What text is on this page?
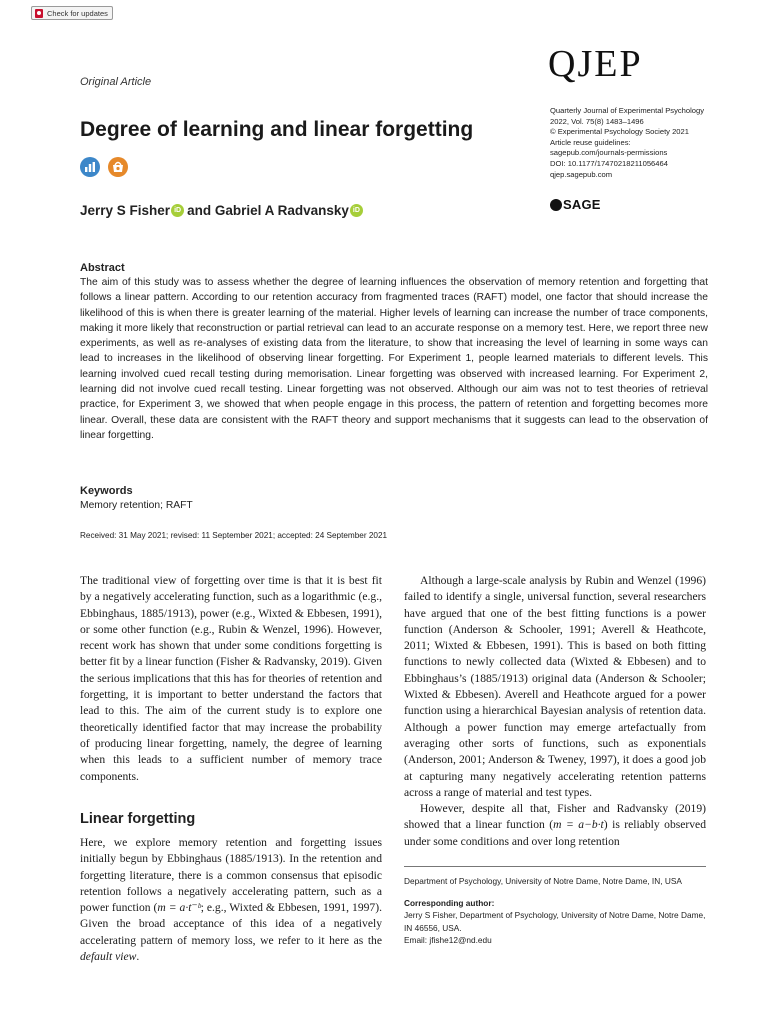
Check for updates
QJEP
Original Article
Degree of learning and linear forgetting
Jerry S Fisher iD and
Gabriel A Radvansky iD
Quarterly Journal of Experimental Psychology
2022, Vol. 75(8) 1483–1496
© Experimental Psychology Society 2021
Article reuse guidelines:
sagepub.com/journals-permissions
DOI: 10.1177/17470218211056464
qjep.sagepub.com
SAGE
Abstract
The aim of this study was to assess whether the degree of learning influences the observation of memory retention and forgetting that follows a linear pattern. According to our retention accuracy from fragmented traces (RAFT) model, one factor that should increase the likelihood of this is when there is greater learning of the material. Higher levels of learning can increase the number of trace components, making it more likely that reconstruction or partial retrieval can lead to an accurate response on a memory test. Here, we report three new experiments, as well as re-analyses of existing data from the literature, to show that increasing the level of learning in some ways can lead to increases in the likelihood of observing linear forgetting. For Experiment 1, people learned materials to different levels. This learning involved cued recall testing during memorisation. Linear forgetting was observed with increased learning. For Experiment 2, learning did not involve cued recall testing. Linear forgetting was not observed. Although our aim was not to test theories of retrieval practice, for Experiment 3, we showed that when people engage in this process, the pattern of retention and forgetting becomes more linear. Overall, these data are consistent with the RAFT theory and support mechanisms that it suggests can lead to the observation of linear forgetting.
Keywords
Memory retention; RAFT
Received: 31 May 2021; revised: 11 September 2021; accepted: 24 September 2021
The traditional view of forgetting over time is that it is best fit by a negatively accelerating function, such as a logarithmic (e.g., Ebbinghaus, 1885/1913), power (e.g., Wixted & Ebbesen, 1991), or some other function (e.g., Rubin & Wenzel, 1996). However, recent work has shown that under some conditions forgetting is better fit by a linear function (Fisher & Radvansky, 2019). Given the serious implications that this has for theories of retention and forgetting, it is important to better understand the factors that lead to this. The aim of the current study is to explore one theoretically identified factor that may increase the probability of producing linear forgetting, namely, the degree of learning when this leads to a sufficient number of memory trace components.
Linear forgetting
Here, we explore memory retention and forgetting issues initially begun by Ebbinghaus (1885/1913). In the retention and forgetting literature, there is a common consensus that episodic retention follows a negatively accelerating pattern, such as a power function (m = a·t⁻ᵇ; e.g., Wixted & Ebbesen, 1991, 1997). Given the broad acceptance of this idea of a negatively accelerating pattern of memory loss, we refer to it here as the default view.

Although a large-scale analysis by Rubin and Wenzel (1996) failed to identify a single, universal function, several researchers have argued that one of the best fitting functions is a power function (Anderson & Schooler, 1991; Averell & Heathcote, 2011; Wixted & Ebbesen, 1991). This is based on both fitting functions to newly collected data (Wixted & Ebbesen) and to Ebbinghaus’s (1885/1913) original data (Anderson & Schooler; Wixted & Ebbesen). Averell and Heathcote argued for a power function using a hierarchical Bayesian analysis of retention data. Although a power function may emerge artefactually from averaging other sorts of functions, such as exponentials (Anderson, 2001; Anderson & Tweney, 1997), it does a good job at capturing many negatively accelerating retention patterns across a range of material and test types.

However, despite all that, Fisher and Radvansky (2019) showed that a linear function (m = a−b·t) is reliably observed under some conditions and over long retention

Department of Psychology, University of Notre Dame, Notre Dame, IN, USA

Corresponding author:

Jerry S Fisher, Department of Psychology, University of Notre Dame, Notre Dame, IN 46556, USA.

Email: jfishe12@nd.edu
